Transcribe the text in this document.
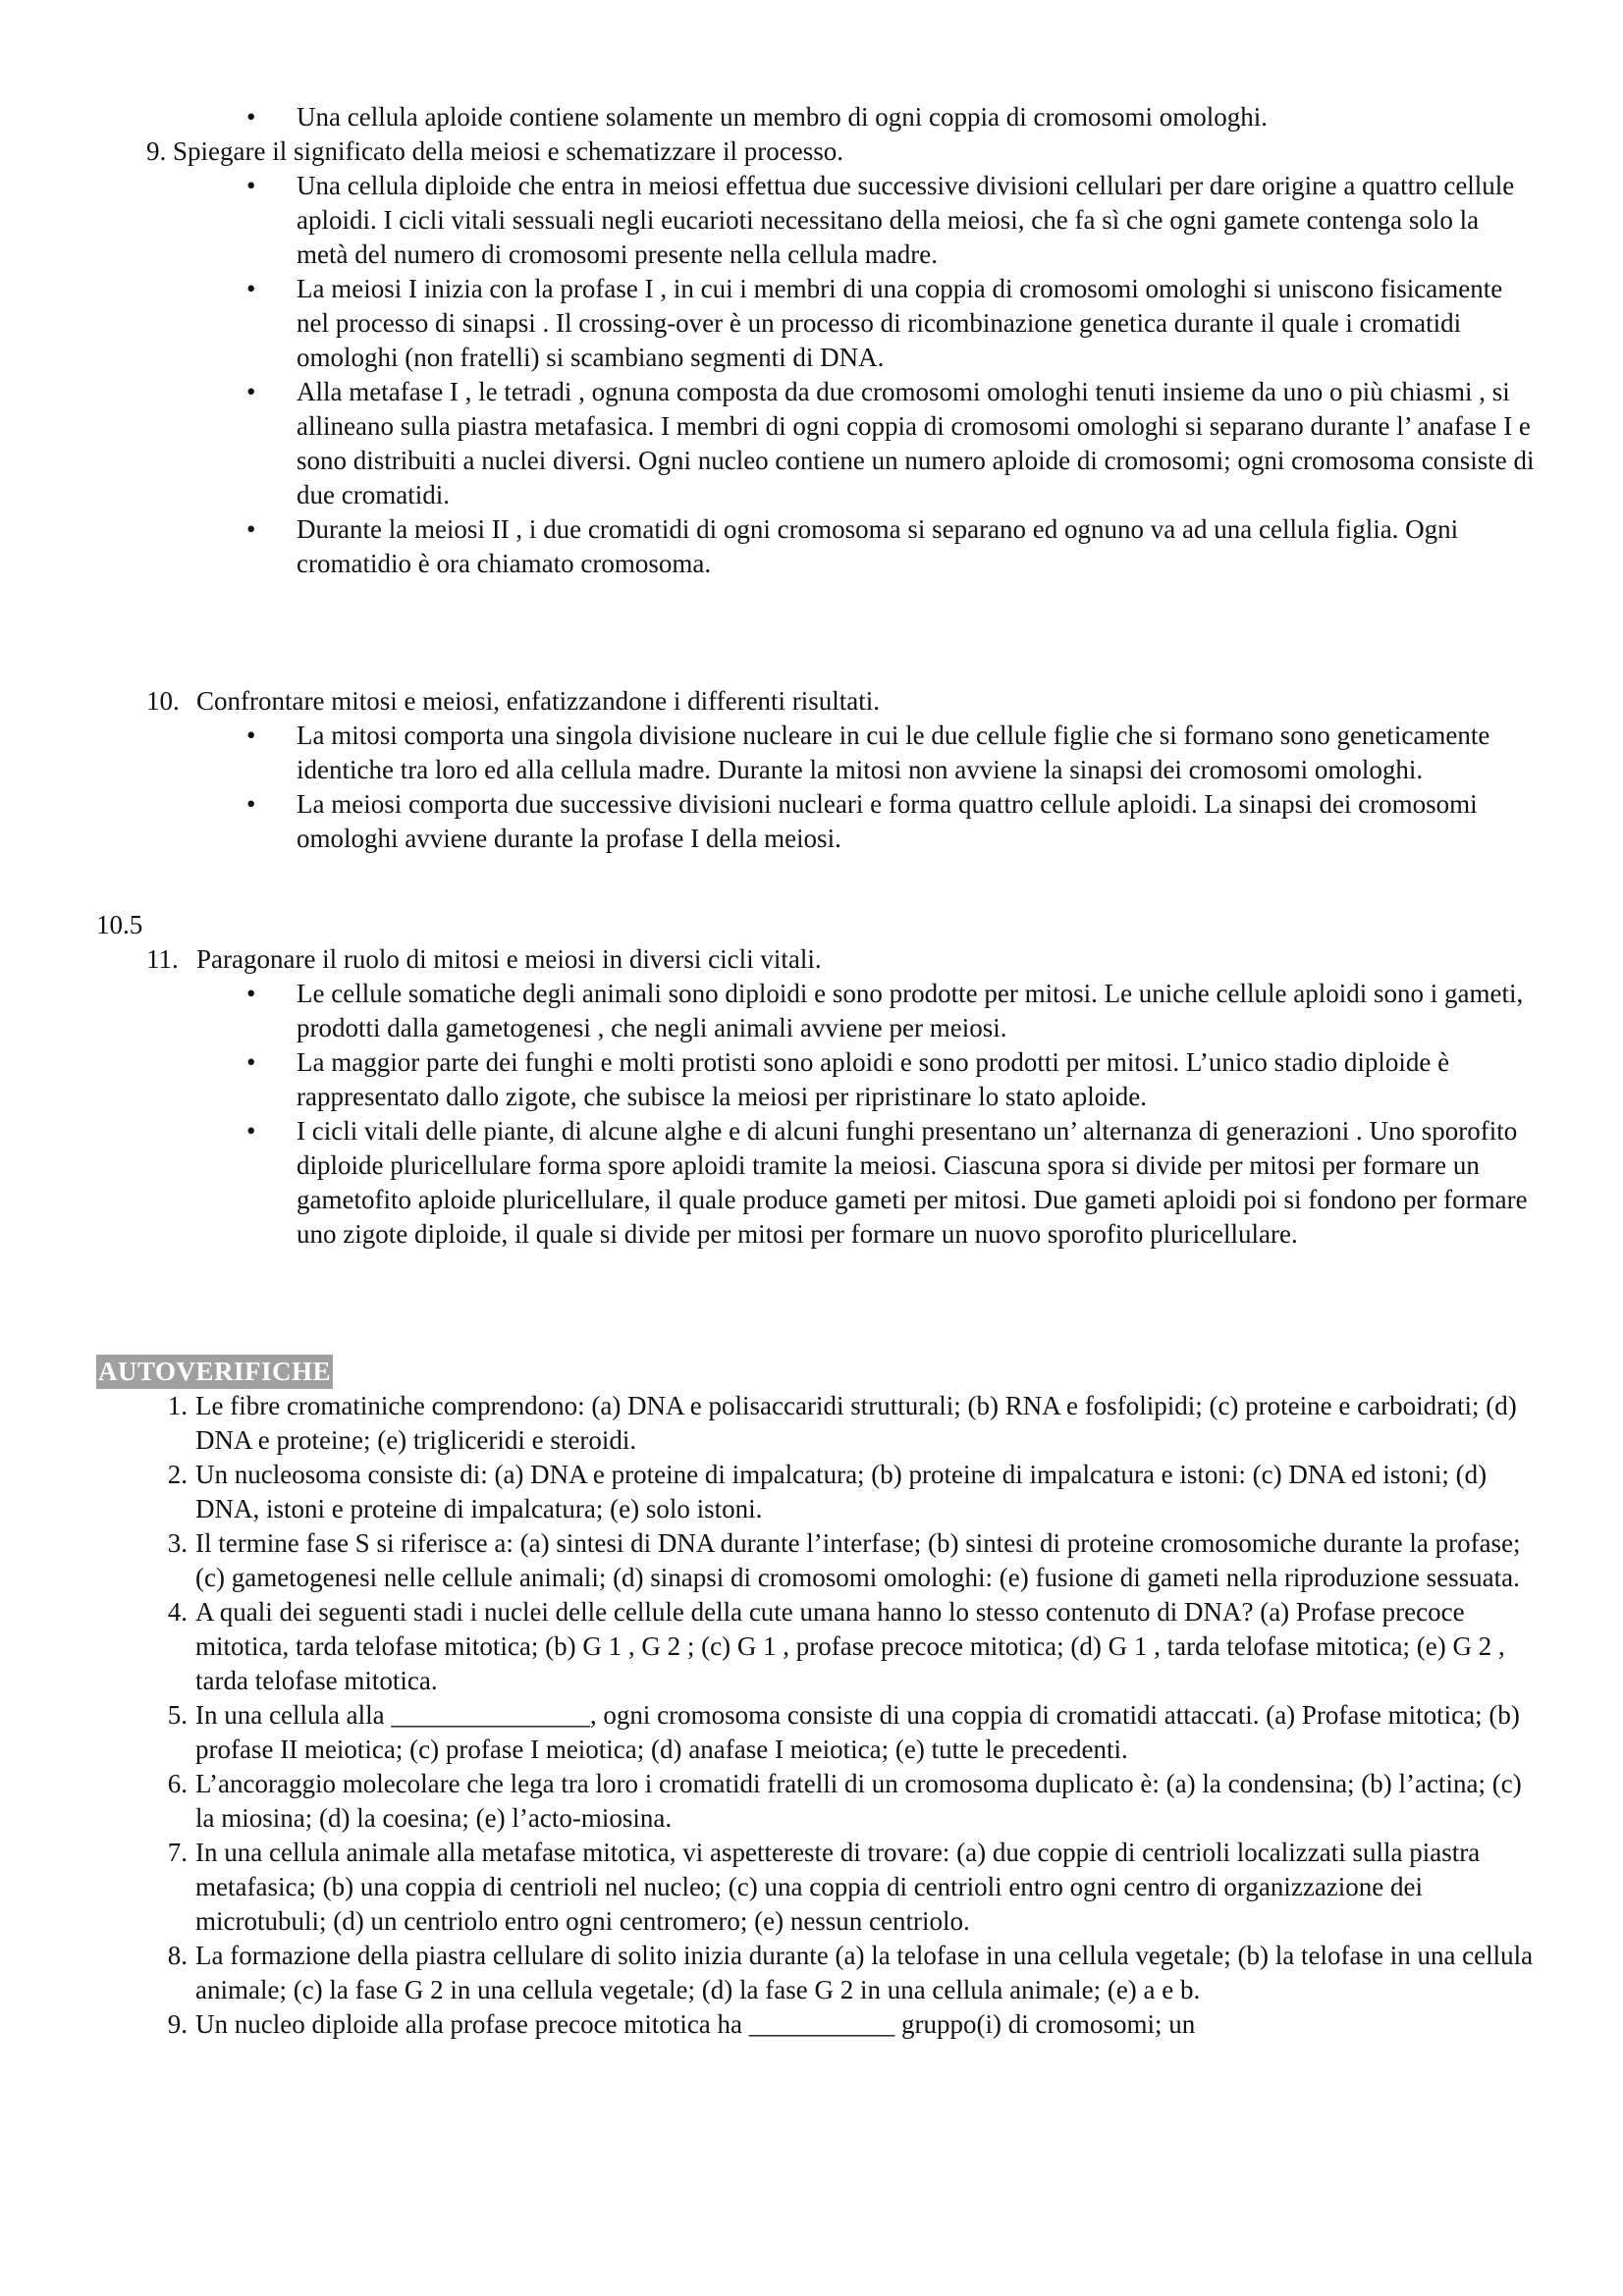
• Una cellula aploide contiene solamente un membro di ogni coppia di cromosomi omologhi.
9. Spiegare il significato della meiosi e schematizzare il processo.
• Una cellula diploide che entra in meiosi effettua due successive divisioni cellulari per dare origine a quattro cellule aploidi. I cicli vitali sessuali negli eucarioti necessitano della meiosi, che fa sì che ogni gamete contenga solo la metà del numero di cromosomi presente nella cellula madre.
• La meiosi I inizia con la profase I , in cui i membri di una coppia di cromosomi omologhi si uniscono fisicamente nel processo di sinapsi . Il crossing-over è un processo di ricombinazione genetica durante il quale i cromatidi omologhi (non fratelli) si scambiano segmenti di DNA.
• Alla metafase I , le tetradi , ognuna composta da due cromosomi omologhi tenuti insieme da uno o più chiasmi , si allineano sulla piastra metafasica. I membri di ogni coppia di cromosomi omologhi si separano durante l’ anafase I e sono distribuiti a nuclei diversi. Ogni nucleo contiene un numero aploide di cromosomi; ogni cromosoma consiste di due cromatidi.
• Durante la meiosi II , i due cromatidi di ogni cromosoma si separano ed ognuno va ad una cellula figlia. Ogni cromatidio è ora chiamato cromosoma.
10. Confrontare mitosi e meiosi, enfatizzandone i differenti risultati.
• La mitosi comporta una singola divisione nucleare in cui le due cellule figlie che si formano sono geneticamente identiche tra loro ed alla cellula madre. Durante la mitosi non avviene la sinapsi dei cromosomi omologhi.
• La meiosi comporta due successive divisioni nucleari e forma quattro cellule aploidi. La sinapsi dei cromosomi omologhi avviene durante la profase I della meiosi.
10.5
11. Paragonare il ruolo di mitosi e meiosi in diversi cicli vitali.
• Le cellule somatiche degli animali sono diploidi e sono prodotte per mitosi. Le uniche cellule aploidi sono i gameti, prodotti dalla gametogenesi , che negli animali avviene per meiosi.
• La maggior parte dei funghi e molti protisti sono aploidi e sono prodotti per mitosi. L’unico stadio diploide è rappresentato dallo zigote, che subisce la meiosi per ripristinare lo stato aploide.
• I cicli vitali delle piante, di alcune alghe e di alcuni funghi presentano un’ alternanza di generazioni . Uno sporofito diploide pluricellulare forma spore aploidi tramite la meiosi. Ciascuna spora si divide per mitosi per formare un gametofito aploide pluricellulare, il quale produce gameti per mitosi. Due gameti aploidi poi si fondono per formare uno zigote diploide, il quale si divide per mitosi per formare un nuovo sporofito pluricellulare.
AUTOVERIFICHE
1. Le fibre cromatiniche comprendono: (a) DNA e polisaccaridi strutturali; (b) RNA e fosfolipidi; (c) proteine e carboidrati; (d) DNA e proteine; (e) trigliceridi e steroidi.
2. Un nucleosoma consiste di: (a) DNA e proteine di impalcatura; (b) proteine di impalcatura e istoni: (c) DNA ed istoni; (d) DNA, istoni e proteine di impalcatura; (e) solo istoni.
3. Il termine fase S si riferisce a: (a) sintesi di DNA durante l’interfase; (b) sintesi di proteine cromosomiche durante la profase; (c) gametogenesi nelle cellule animali; (d) sinapsi di cromosomi omologhi: (e) fusione di gameti nella riproduzione sessuata.
4. A quali dei seguenti stadi i nuclei delle cellule della cute umana hanno lo stesso contenuto di DNA? (a) Profase precoce mitotica, tarda telofase mitotica; (b) G 1 , G 2 ; (c) G 1 , profase precoce mitotica; (d) G 1 , tarda telofase mitotica; (e) G 2 , tarda telofase mitotica.
5. In una cellula alla _______________, ogni cromosoma consiste di una coppia di cromatidi attaccati. (a) Profase mitotica; (b) profase II meiotica; (c) profase I meiotica; (d) anafase I meiotica; (e) tutte le precedenti.
6. L’ancoraggio molecolare che lega tra loro i cromatidi fratelli di un cromosoma duplicato è: (a) la condensina; (b) l’actina; (c) la miosina; (d) la coesina; (e) l’acto-miosina.
7. In una cellula animale alla metafase mitotica, vi aspettereste di trovare: (a) due coppie di centrioli localizzati sulla piastra metafasica; (b) una coppia di centrioli nel nucleo; (c) una coppia di centrioli entro ogni centro di organizzazione dei microtubuli; (d) un centriolo entro ogni centromero; (e) nessun centriolo.
8. La formazione della piastra cellulare di solito inizia durante (a) la telofase in una cellula vegetale; (b) la telofase in una cellula animale; (c) la fase G 2 in una cellula vegetale; (d) la fase G 2 in una cellula animale; (e) a e b.
9. Un nucleo diploide alla profase precoce mitotica ha ___________ gruppo(i) di cromosomi; un
